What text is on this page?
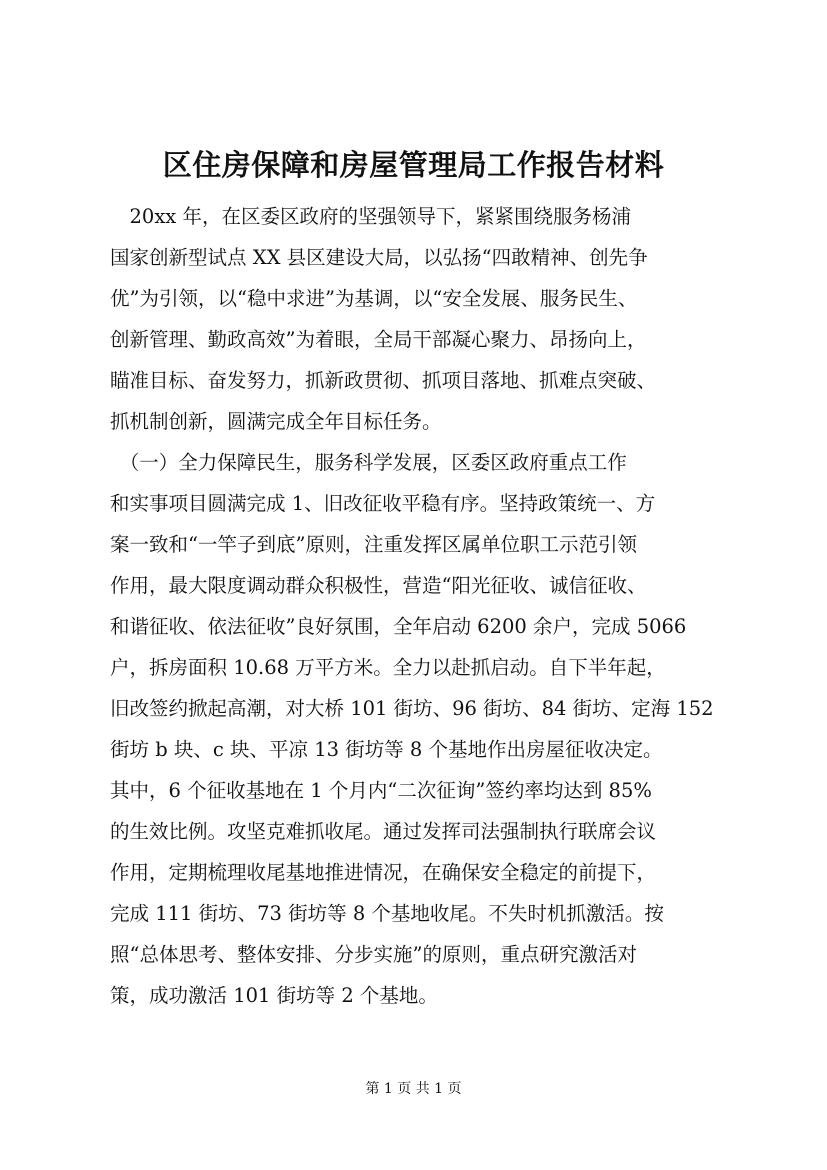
区住房保障和房屋管理局工作报告材料
　20xx 年，在区委区政府的坚强领导下，紧紧围绕服务杨浦
国家创新型试点 XX 县区建设大局，以弘扬“四敢精神、创先争
优”为引领，以“稳中求进”为基调，以“安全发展、服务民生、
创新管理、勤政高效”为着眼，全局干部凝心聚力、昂扬向上，
瞄准目标、奋发努力，抓新政贯彻、抓项目落地、抓难点突破、
抓机制创新，圆满完成全年目标任务。
　（一）全力保障民生，服务科学发展，区委区政府重点工作
和实事项目圆满完成 1、旧改征收平稳有序。坚持政策统一、方
案一致和“一竿子到底”原则，注重发挥区属单位职工示范引领
作用，最大限度调动群众积极性，营造“阳光征收、诚信征收、
和谐征收、依法征收”良好氛围，全年启动 6200 余户，完成 5066
户，拆房面积 10.68 万平方米。全力以赴抓启动。自下半年起，
旧改签约掀起高潮，对大桥 101 街坊、96 街坊、84 街坊、定海 152
街坊 b 块、c 块、平凉 13 街坊等 8 个基地作出房屋征收决定。
其中，6 个征收基地在 1 个月内“二次征询”签约率均达到 85%
的生效比例。攻坚克难抓收尾。通过发挥司法强制执行联席会议
作用，定期梳理收尾基地推进情况，在确保安全稳定的前提下，
完成 111 街坊、73 街坊等 8 个基地收尾。不失时机抓激活。按
照“总体思考、整体安排、分步实施”的原则，重点研究激活对
策，成功激活 101 街坊等 2 个基地。
第 1 页 共 1 页
